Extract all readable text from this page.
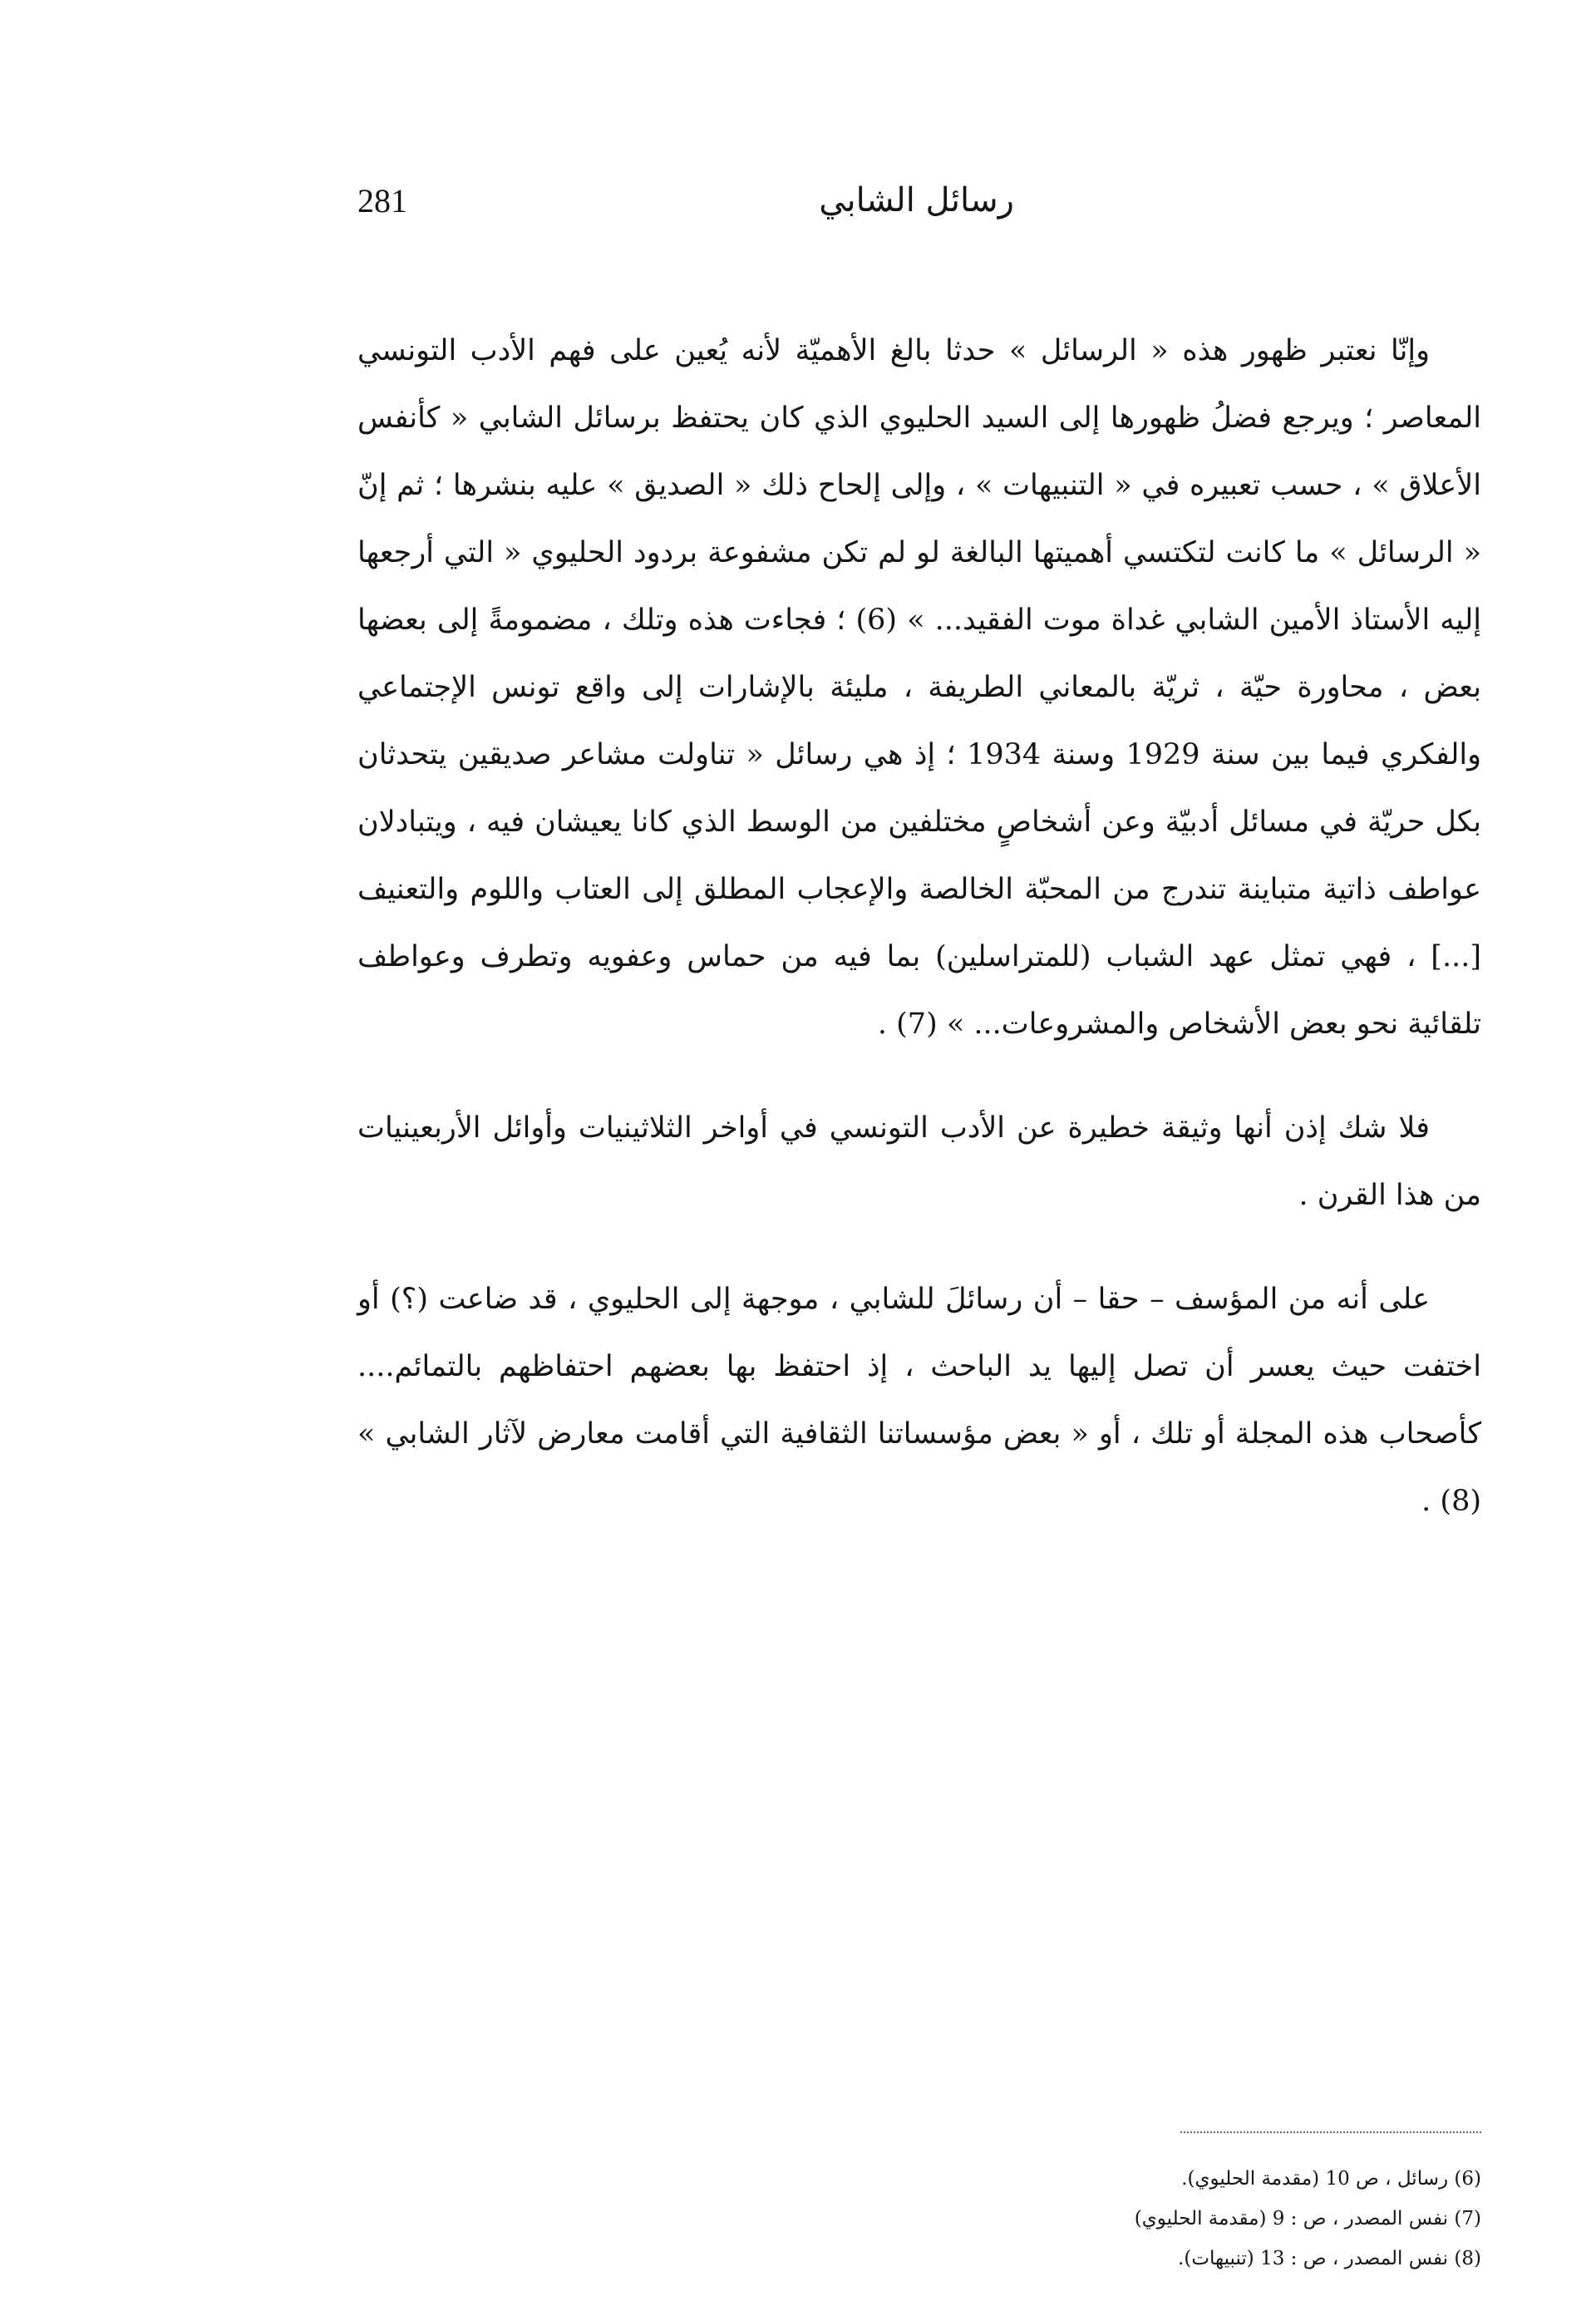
281	رسائل الشابي

وإنّا نعتبر ظهور هذه « الرسائل » حدثا بالغ الأهميّة لأنه يُعين على فهم الأدب التونسي المعاصر ؛ ويرجع فضلُ ظهورها إلى السيد الحليوي الذي كان يحتفظ برسائل الشابي « كأنفس الأعلاق » ، حسب تعبيره في « التنبيهات » ، وإلى إلحاح ذلك « الصديق » عليه بنشرها ؛ ثم إنّ « الرسائل » ما كانت لتكتسي أهميتها البالغة لو لم تكن مشفوعة بردود الحليوي « التي أرجعها إليه الأستاذ الأمين الشابي غداة موت الفقيد... » (6) ؛ فجاءت هذه وتلك ، مضمومةً إلى بعضها بعض ، محاورة حيّة ، ثريّة بالمعاني الطريفة ، مليئة بالإشارات إلى واقع تونس الإجتماعي والفكري فيما بين سنة 1929 وسنة 1934 ؛ إذ هي رسائل « تناولت مشاعر صديقين يتحدثان بكل حريّة في مسائل أدبيّة وعن أشخاصٍ مختلفين من الوسط الذي كانا يعيشان فيه ، ويتبادلان عواطف ذاتية متباينة تندرج من المحبّة الخالصة والإعجاب المطلق إلى العتاب واللوم والتعنيف [...] ، فهي تمثل عهد الشباب (للمتراسلين) بما فيه من حماس وعفويه وتطرف وعواطف تلقائية نحو بعض الأشخاص والمشروعات... » (7) .

فلا شك إذن أنها وثيقة خطيرة عن الأدب التونسي في أواخر الثلاثينيات وأوائل الأربعينيات من هذا القرن .

على أنه من المؤسف – حقا – أن رسائلَ للشابي ، موجهة إلى الحليوي ، قد ضاعت (؟) أو اختفت حيث يعسر أن تصل إليها يد الباحث ، إذ احتفظ بها بعضهم احتفاظهم بالتمائم.... كأصحاب هذه المجلة أو تلك ، أو « بعض مؤسساتنا الثقافية التي أقامت معارض لآثار الشابي » (8) .

(6) رسائل ، ص 10 (مقدمة الحليوي).

(7) نفس المصدر ، ص : 9 (مقدمة الحليوي)

(8) نفس المصدر ، ص : 13 (تنبيهات).
